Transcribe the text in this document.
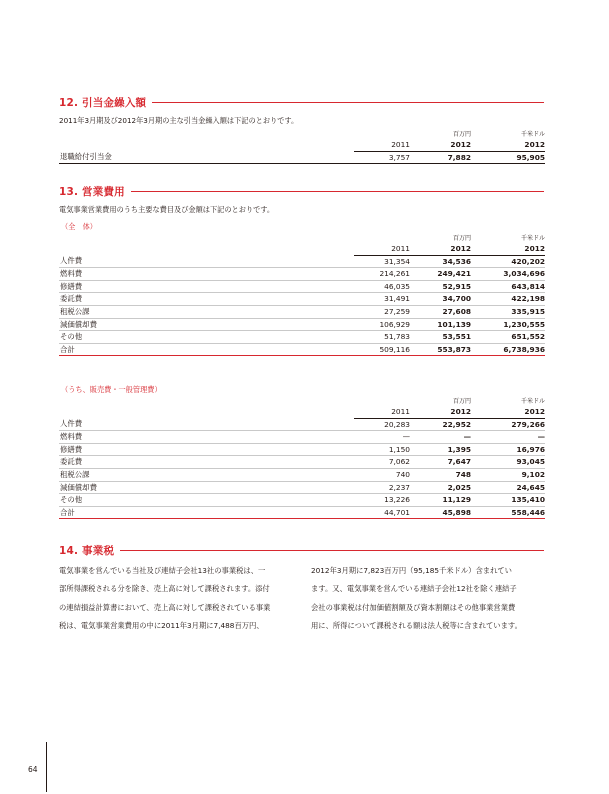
12. 引当金繰入額
2011年3月期及び2012年3月期の主な引当金繰入額は下記のとおりです。
		百万円	千米ドル
	2011	2012	2012
退職給付引当金	3,757	7,882	95,905
13. 営業費用
電気事業営業費用のうち主要な費目及び金額は下記のとおりです。
（全　体）
		百万円	千米ドル
	2011	2012	2012
人件費	31,354	34,536	420,202
燃料費	214,261	249,421	3,034,696
修繕費	46,035	52,915	643,814
委託費	31,491	34,700	422,198
租税公課	27,259	27,608	335,915
減価償却費	106,929	101,139	1,230,555
その他	51,783	53,551	651,552
合計	509,116	553,873	6,738,936
（うち、販売費・一般管理費）
		百万円	千米ドル
	2011	2012	2012
人件費	20,283	22,952	279,266
燃料費	—	—	—
修繕費	1,150	1,395	16,976
委託費	7,062	7,647	93,045
租税公課	740	748	9,102
減価償却費	2,237	2,025	24,645
その他	13,226	11,129	135,410
合計	44,701	45,898	558,446
14. 事業税
電気事業を営んでいる当社及び連結子会社13社の事業税は、一
部所得課税される分を除き、売上高に対して課税されます。添付
の連結損益計算書において、売上高に対して課税されている事業
税は、電気事業営業費用の中に2011年3月期に7,488百万円、
2012年3月期に7,823百万円（95,185千米ドル）含まれてい
ます。又、電気事業を営んでいる連結子会社12社を除く連結子
会社の事業税は付加価値割額及び資本割額はその他事業営業費
用に、所得について課税される額は法人税等に含まれています。
64
